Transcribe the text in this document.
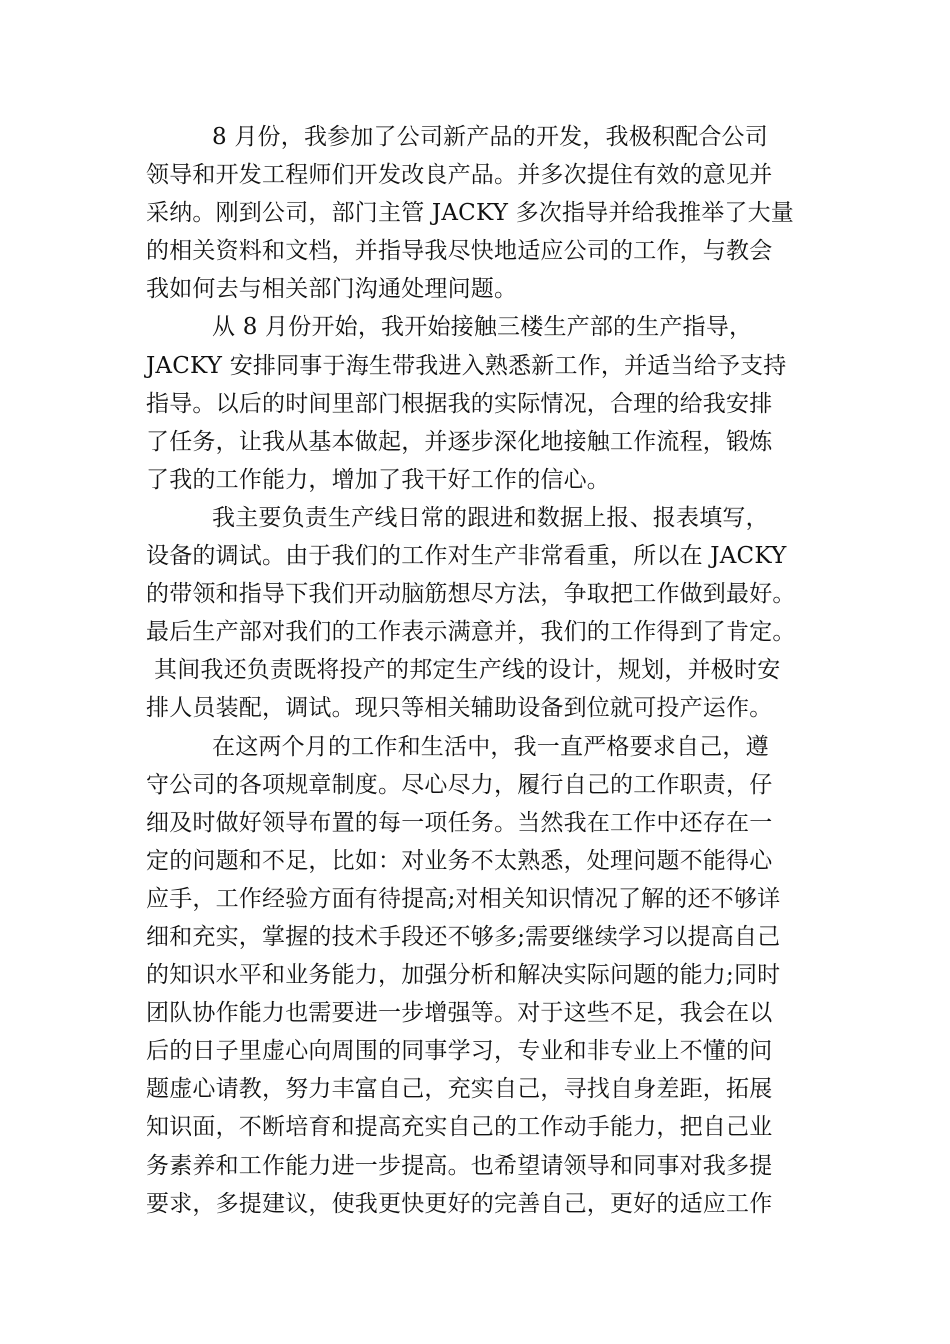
8 月份，我参加了公司新产品的开发，我极积配合公司
领导和开发工程师们开发改良产品。并多次提住有效的意见并
采纳。刚到公司，部门主管 JACKY 多次指导并给我推举了大量
的相关资料和文档，并指导我尽快地适应公司的工作，与教会
我如何去与相关部门沟通处理问题。
从 8 月份开始，我开始接触三楼生产部的生产指导，
JACKY 安排同事于海生带我进入熟悉新工作，并适当给予支持
指导。以后的时间里部门根据我的实际情况，合理的给我安排
了任务，让我从基本做起，并逐步深化地接触工作流程，锻炼
了我的工作能力，增加了我干好工作的信心。
我主要负责生产线日常的跟进和数据上报、报表填写，
设备的调试。由于我们的工作对生产非常看重，所以在 JACKY
的带领和指导下我们开动脑筋想尽方法，争取把工作做到最好。
最后生产部对我们的工作表示满意并，我们的工作得到了肯定。
其间我还负责既将投产的邦定生产线的设计，规划，并极时安
排人员装配，调试。现只等相关辅助设备到位就可投产运作。
在这两个月的工作和生活中，我一直严格要求自己，遵
守公司的各项规章制度。尽心尽力，履行自己的工作职责，仔
细及时做好领导布置的每一项任务。当然我在工作中还存在一
定的问题和不足，比如：对业务不太熟悉，处理问题不能得心
应手，工作经验方面有待提高;对相关知识情况了解的还不够详
细和充实，掌握的技术手段还不够多;需要继续学习以提高自己
的知识水平和业务能力，加强分析和解决实际问题的能力;同时
团队协作能力也需要进一步增强等。对于这些不足，我会在以
后的日子里虚心向周围的同事学习，专业和非专业上不懂的问
题虚心请教，努力丰富自己，充实自己，寻找自身差距，拓展
知识面，不断培育和提高充实自己的工作动手能力，把自己业
务素养和工作能力进一步提高。也希望请领导和同事对我多提
要求，多提建议，使我更快更好的完善自己，更好的适应工作
